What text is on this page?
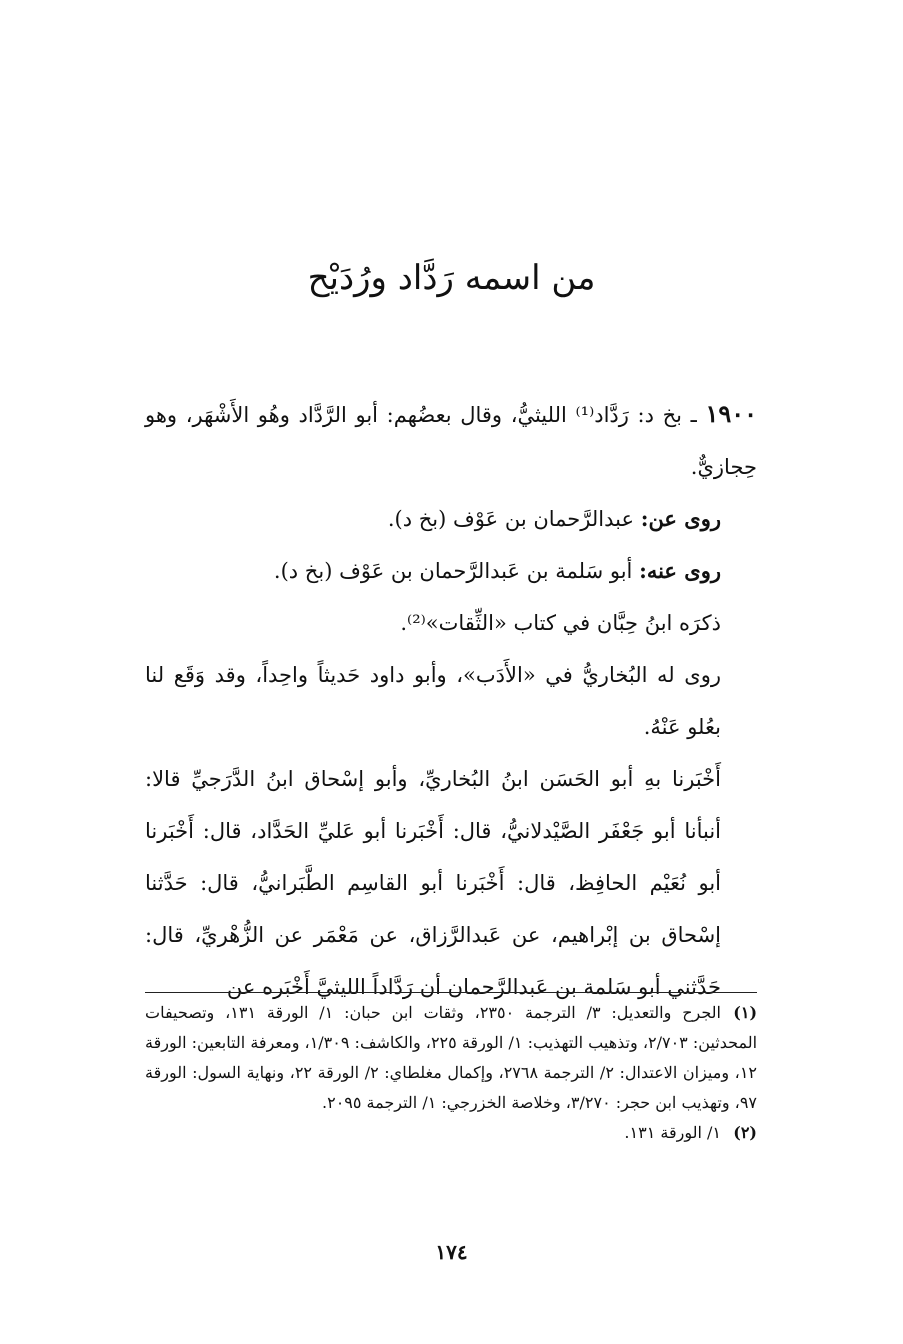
من اسمه رَدَّاد ورُدَيْح

١٩٠٠ ـ بخ د: رَدَّاد⁽¹⁾ الليثيُّ، وقال بعضُهم: أبو الرَّدَّاد وهُو الأَشْهَر، وهو حِجازيٌّ.

روى عن: عبدالرَّحمان بن عَوْف (بخ د).

روى عنه: أبو سَلمة بن عَبدالرَّحمان بن عَوْف (بخ د).

ذكرَه ابنُ حِبَّان في كتاب «الثِّقات»⁽²⁾.

روى له البُخاريُّ في «الأَدَب»، وأبو داود حَديثاً واحِداً، وقد وَقَع لنا بعُلو عَنْهُ.

أَخْبَرنا بهِ أبو الحَسَن ابنُ البُخاريِّ، وأبو إسْحاق ابنُ الدَّرَجيِّ قالا: أنبأنا أبو جَعْفَر الصَّيْدلانيُّ، قال: أَخْبَرنا أبو عَليِّ الحَدَّاد، قال: أَخْبَرنا أبو نُعَيْم الحافِظ، قال: أَخْبَرنا أبو القاسِم الطَّبَرانيُّ، قال: حَدَّثنا إسْحاق بن إبْراهيم، عن عَبدالرَّزاق، عن مَعْمَر عن الزُّهْريِّ، قال: حَدَّثني أبو سَلمة بن عَبدالرَّحمان أن رَدَّاداً الليثيَّ أَخْبَره عن

(١)الجرح والتعديل: ٣/ الترجمة ٢٣٥٠، وثقات ابن حبان: ١/ الورقة ١٣١، وتصحيفات المحدثين: ٢/٧٠٣، وتذهيب التهذيب: ١/ الورقة ٢٢٥، والكاشف: ١/٣٠٩، ومعرفة التابعين: الورقة ١٢، وميزان الاعتدال: ٢/ الترجمة ٢٧٦٨، وإكمال مغلطاي: ٢/ الورقة ٢٢، ونهاية السول: الورقة ٩٧، وتهذيب ابن حجر: ٣/٢٧٠، وخلاصة الخزرجي: ١/ الترجمة ٢٠٩٥.

(٢)١/ الورقة ١٣١.

١٧٤
